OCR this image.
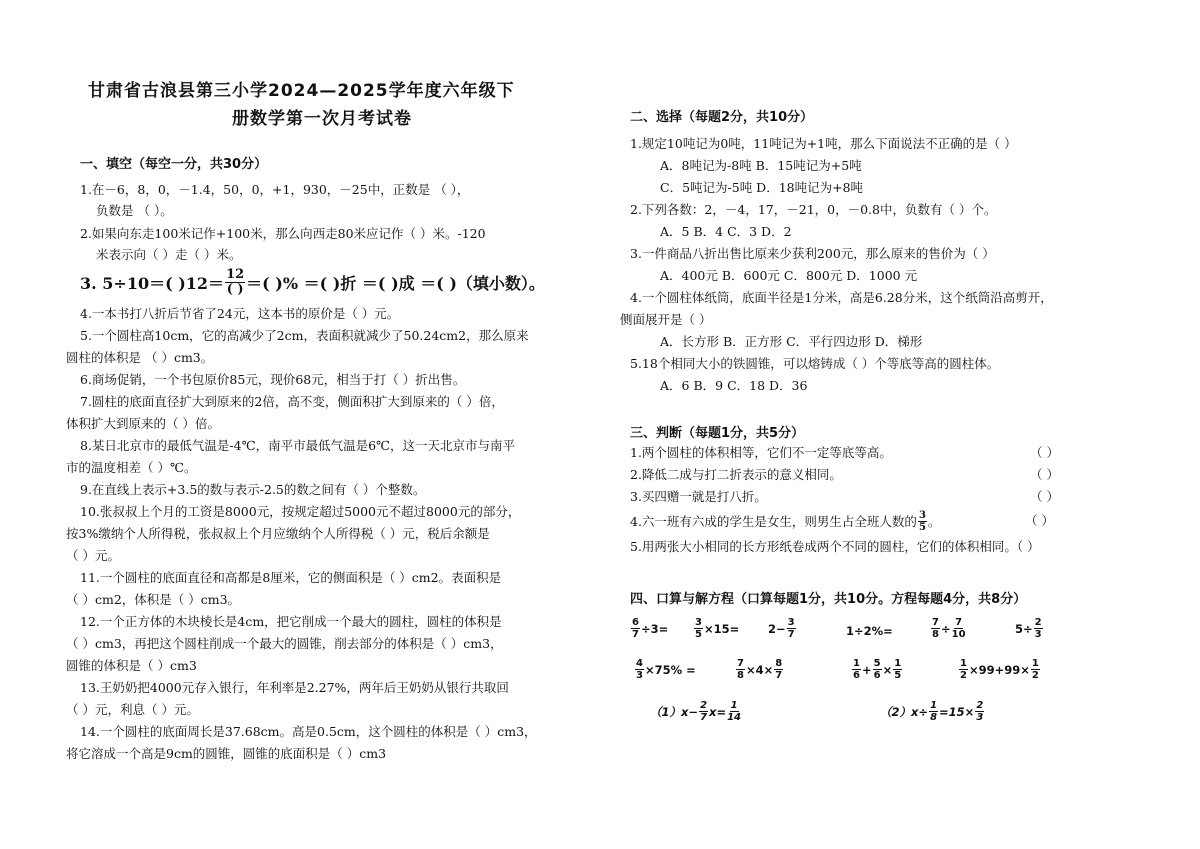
甘肃省古浪县第三小学2024—2025学年度六年级下
册数学第一次月考试卷
一、填空（每空一分，共30分）
1.在－6，8，0，－1.4，50，0，+1，930，－25中，正数是 （ ），
负数是 （ ）。
2.如果向东走100米记作+100米，那么向西走80米应记作（ ）米。-120
米表示向（ ）走（ ）米。
3. 5÷10＝( )$12= \frac{12}{( )}$ ＝( )% ＝( )折 ＝( )成 ＝( )（填小数）。
4.一本书打八折后节省了24元，这本书的原价是（ ）元。
5.一个圆柱高10cm，它的高减少了2cm，表面积就减少了50.24cm2，那么原来
圆柱的体积是 （ ）cm3。
6.商场促销，一个书包原价85元，现价68元，相当于打（ ）折出售。
7.圆柱的底面直径扩大到原来的2倍，高不变，侧面积扩大到原来的（ ）倍，
体积扩大到原来的（ ）倍。
8.某日北京市的最低气温是-4℃，南平市最低气温是6℃，这一天北京市与南平
市的温度相差（ ）℃。
9.在直线上表示+3.5的数与表示-2.5的数之间有（ ）个整数。
10.张叔叔上个月的工资是8000元，按规定超过5000元不超过8000元的部分，
按3%缴纳个人所得税，张叔叔上个月应缴纳个人所得税（ ）元，税后余额是
（ ）元。
11.一个圆柱的底面直径和高都是8厘米，它的侧面积是（ ）cm2。表面积是
（ ）cm2，体积是（ ）cm3。
12.一个正方体的木块棱长是4cm，把它削成一个最大的圆柱，圆柱的体积是
（ ）cm3，再把这个圆柱削成一个最大的圆锥，削去部分的体积是（ ）cm3，
圆锥的体积是（ ）cm3
13.王奶奶把4000元存入银行，年利率是2.27%，两年后王奶奶从银行共取回
（ ）元，利息（ ）元。
14.一个圆柱的底面周长是37.68cm。高是0.5cm，这个圆柱的体积是（ ）cm3，
将它溶成一个高是9cm的圆锥，圆锥的底面积是（ ）cm3
二、选择（每题2分，共10分）
1.规定10吨记为0吨，11吨记为+1吨，那么下面说法不正确的是（ ）
A．8吨记为-8吨 B．15吨记为+5吨
C．5吨记为-5吨 D．18吨记为+8吨
2.下列各数：2，－4，17，－21，0，－0.8中，负数有（ ）个。
A．5 B．4 C．3 D．2
3.一件商品八折出售比原来少获利200元，那么原来的售价为（ ）
A．400元 B．600元 C．800元 D．1000 元
4.一个圆柱体纸筒，底面半径是1分米，高是6.28分米，这个纸筒沿高剪开，
侧面展开是（ ）
A．长方形 B．正方形 C．平行四边形 D．梯形
5.18个相同大小的铁圆锥，可以熔铸成（ ）个等底等高的圆柱体。
A．6 B．9 C．18 D．36
三、判断（每题1分，共5分）
1.两个圆柱的体积相等，它们不一定等底等高。	（ ）
2.降低二成与打二折表示的意义相同。	（ ）
3.买四赠一就是打八折。	（ ）
4.六一班有六成的学生是女生，则男生占全班人数的 $\frac{3}{5}$ 。	（ ）
5.用两张大小相同的长方形纸卷成两个不同的圆柱，它们的体积相同。（ ）
四、口算与解方程（口算每题1分，共10分。方程每题4分，共8分）
$\frac{6}{7} \div 3=$	$\frac{3}{5} \times 15=$	$2- \frac{3}{7}$	1÷2%=	$\frac{7}{8} \div \frac{7}{10}$	$5\div \frac{2}{3}$
$\frac{4}{3} \times 75\%$ =	$\frac{7}{8} \times 4\times \frac{8}{7}$	$\frac{1}{6} + \frac{5}{6} \times \frac{1}{5}$	$\frac{1}{2} \times 99+99\times \frac{1}{2}$
$(1)x- \frac{2}{7} x= \frac{1}{14}$	$(2)x\div \frac{1}{8} =15\times \frac{2}{3}$
